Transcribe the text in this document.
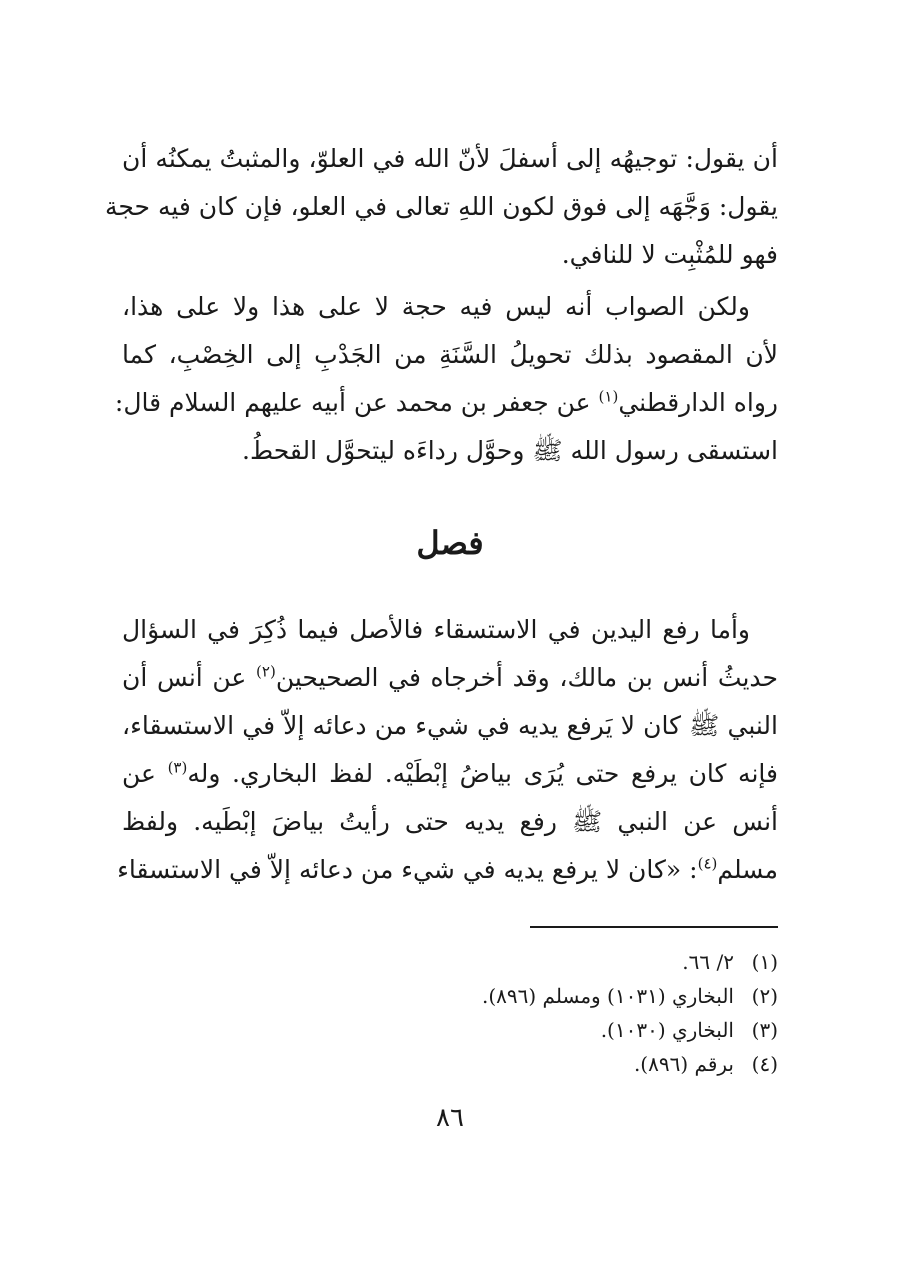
أن يقول: توجيهُه إلى أسفلَ لأنّ الله في العلوّ، والمثبتُ يمكنُه أن
يقول: وَجَّهَه إلى فوق لكون اللهِ تعالى في العلو، فإن كان فيه حجة
فهو للمُثْبِت لا للنافي.

ولكن الصواب أنه ليس فيه حجة لا على هذا ولا على هذا،
لأن المقصود بذلك تحويلُ السَّنَةِ من الجَدْبِ إلى الخِصْبِ، كما
رواه الدارقطني$^{(١)}$ عن جعفر بن محمد عن أبيه عليهم السلام قال:
استسقى رسول الله ﷺ وحوَّل رداءَه ليتحوَّل القحطُ.

فصل

وأما رفع اليدين في الاستسقاء فالأصل فيما ذُكِرَ في السؤال
حديثُ أنس بن مالك، وقد أخرجاه في الصحيحين$^{(٢)}$ عن أنس أن
النبي ﷺ كان لا يَرفع يديه في شيء من دعائه إلاّ في الاستسقاء،
فإنه كان يرفع حتى يُرَى بياضُ إبْطَيْه. لفظ البخاري. وله$^{(٣)}$ عن
أنس عن النبي ﷺ رفع يديه حتى رأيتُ بياضَ إبْطَيه. ولفظ
مسلم$^{(٤)}$: «كان لا يرفع يديه في شيء من دعائه إلاّ في الاستسقاء

(١)
٢/ ٦٦.
(٢)
البخاري (١٠٣١) ومسلم (٨٩٦).
(٣)
البخاري (١٠٣٠).
(٤)
برقم (٨٩٦).
٨٦
